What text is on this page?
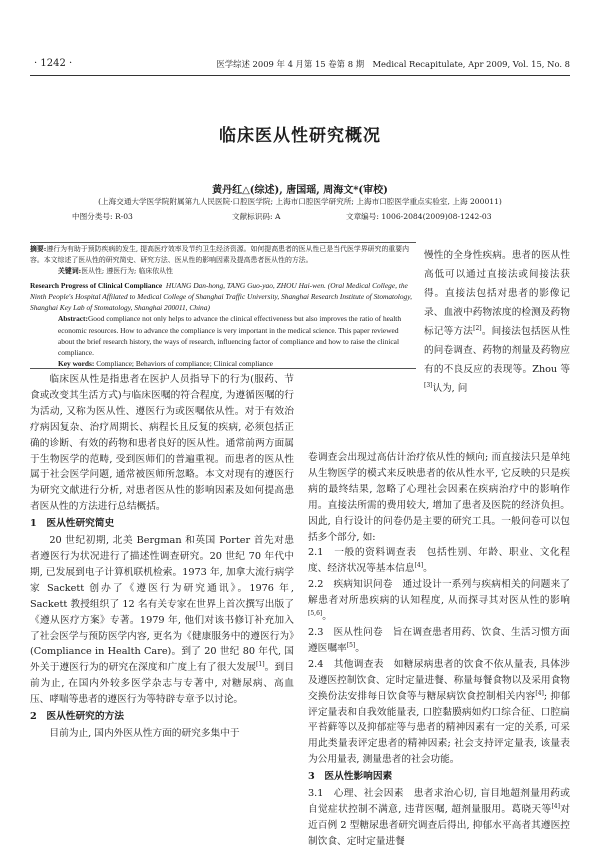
· 1242 ·	医学综述 2009 年 4 月第 15 卷第 8 期　Medical Recapitulate, Apr 2009, Vol. 15, No. 8
临床医从性研究概况
黄丹红△(综述), 唐国瑶, 周海文*(审校)
(上海交通大学医学院附属第九人民医院·口腔医学院; 上海市口腔医学研究所; 上海市口腔医学重点实验室, 上海 200011)
中图分类号: R-03	文献标识码: A	文章编号: 1006-2084(2009)08-1242-03

摘要:遵行为有助于预防疾病的发生, 提高医疗效率及节约卫生经济资源。如何提高患者的医从性已是当代医学界研究的重要内容。本文综述了医从性的研究简史、研究方法、医从性的影响因素及提高患者医从性的方法。

关键词:医从性; 遵医行为; 临床依从性

Research Progress of Clinical Compliance HUANG Dan-hong, TANG Guo-yao, ZHOU Hai-wen. (Oral Medical College, the Ninth People's Hospital Affilated to Medical College of Shanghai Traffic University, Shanghai Research Institute of Stomatology, Shanghai Key Lab of Stomatology, Shanghai 200011, China)

Abstract:Good compliance not only helps to advance the clinical effectiveness but also improves the ratio of health economic resources. How to advance the compliance is very important in the medical science. This paper reviewed about the brief research history, the ways of research, influencing factor of compliance and how to raise the clinical compliance.

Key words: Compliance; Behaviors of compliance; Clinical compliance

慢性的全身性疾病。患者的医从性高低可以通过直接法或间接法获得。直接法包括对患者的影像记录、血液中药物浓度的检测及药物标记等方法[2]。间接法包括医从性的问卷调查、药物的剂量及药物应有的不良反应的表现等。Zhou 等[3]认为, 问

临床医从性是指患者在医护人员指导下的行为(服药、节食或改变其生活方式)与临床医嘱的符合程度, 为遵循医嘱的行为活动, 又称为医从性、遵医行为或医嘱依从性。对于有效治疗病因复杂、治疗周期长、病程长且反复的疾病, 必须包括正确的诊断、有效的药物和患者良好的医从性。通常前两方面属于生物医学的范畴, 受到医师们的普遍重视。而患者的医从性属于社会医学问题, 通常被医师所忽略。本文对现有的遵医行为研究文献进行分析, 对患者医从性的影响因素及如何提高患者医从性的方法进行总结概括。

1　医从性研究简史

20 世纪初期, 北美 Bergman 和英国 Porter 首先对患者遵医行为状况进行了描述性调查研究。20 世纪 70 年代中期, 已发展到电子计算机联机检索。1973 年, 加拿大流行病学家 Sackett 创办了《遵医行为研究通讯》。1976 年, Sackett 教授组织了 12 名有关专家在世界上首次撰写出版了《遵从医疗方案》专著。1979 年, 他们对该书修订补充加入了社会医学与预防医学内容, 更名为《健康服务中的遵医行为》(Compliance in Health Care)。到了 20 世纪 80 年代, 国外关于遵医行为的研究在深度和广度上有了很大发展[1]。到目前为止, 在国内外较多医学杂志与专著中, 对糖尿病、高血压、哮喘等患者的遵医行为等特辟专章予以讨论。

2　医从性研究的方法

目前为止, 国内外医从性方面的研究多集中于

卷调查会出现过高估计治疗依从性的倾向; 而直接法只是单纯从生物医学的模式来反映患者的依从性水平, 它反映的只是疾病的最终结果, 忽略了心理社会因素在疾病治疗中的影响作用。直接法所需的费用较大, 增加了患者及医院的经济负担。因此, 自行设计的问卷仍是主要的研究工具。一般问卷可以包括多个部分, 如:

2.1　一般的资料调查表　包括性别、年龄、职业、文化程度、经济状况等基本信息[4]。

2.2　疾病知识问卷　通过设计一系列与疾病相关的问题来了解患者对所患疾病的认知程度, 从而探寻其对医从性的影响[5,6]。

2.3　医从性问卷　旨在调查患者用药、饮食、生活习惯方面遵医嘱率[5]。

2.4　其他调查表　如糖尿病患者的饮食不依从量表, 具体涉及遵医控制饮食、定时定量进餐、称量每餐食物以及采用食物交换份法安排每日饮食等与糖尿病饮食控制相关内容[4]; 抑郁评定量表和自我效能量表, 口腔黏膜病如灼口综合征、口腔扁平苔藓等以及抑郁症等与患者的精神因素有一定的关系, 可采用此类量表评定患者的精神因素; 社会支持评定量表, 该量表为公用量表, 测量患者的社会功能。

3　医从性影响因素

3.1　心理、社会因素　患者求治心切, 盲目地超剂量用药或自觉症状控制不满意, 违背医嘱, 超剂量服用。葛晓天等[4]对近百例 2 型糖尿患者研究调查后得出, 抑郁水平高者其遵医控制饮食、定时定量进餐
